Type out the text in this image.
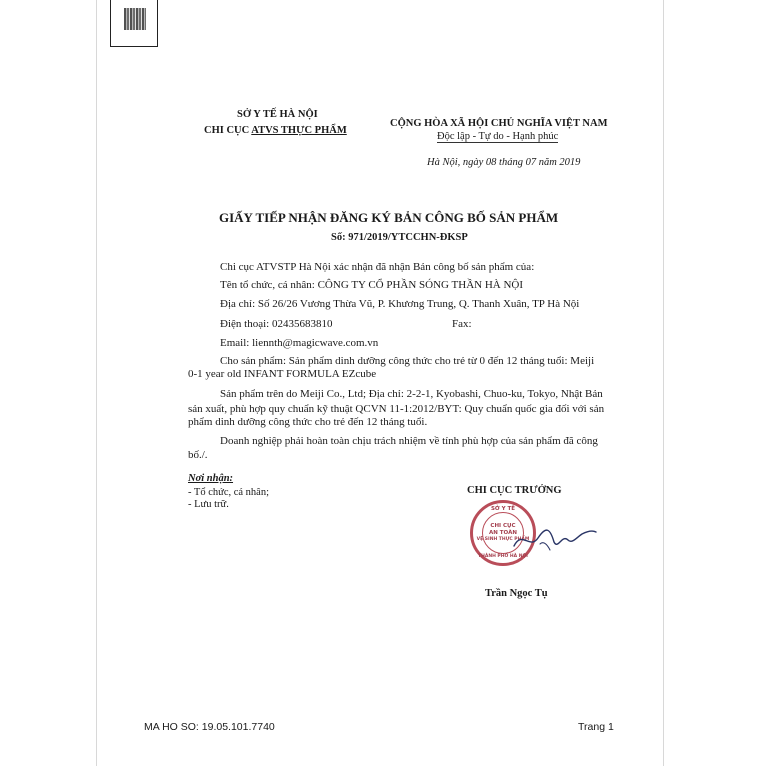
SỞ Y TẾ HÀ NỘI
CHI CỤC ATVS THỰC PHẨM
CỘNG HÒA XÃ HỘI CHỦ NGHĨA VIỆT NAM
Độc lập - Tự do - Hạnh phúc
Hà Nội, ngày 08 tháng 07 năm 2019
GIẤY TIẾP NHẬN ĐĂNG KÝ BẢN CÔNG BỐ SẢN PHẨM
Số: 971/2019/YTCCHN-ĐKSP
Chi cục ATVSTP Hà Nội xác nhận đã nhận Bản công bố sản phẩm của:
Tên tổ chức, cá nhân: CÔNG TY CỔ PHẦN SÓNG THẦN HÀ NỘI
Địa chỉ: Số 26/26 Vương Thừa Vũ, P. Khương Trung, Q. Thanh Xuân, TP Hà Nội
Điện thoại: 02435683810	Fax:
Email: liennth@magicwave.com.vn
Cho sản phẩm: Sản phẩm dinh dưỡng công thức cho trẻ từ 0 đến 12 tháng tuổi: Meiji
0-1 year old INFANT FORMULA EZcube
Sản phẩm trên do Meiji Co., Ltd; Địa chỉ: 2-2-1, Kyobashi, Chuo-ku, Tokyo, Nhật Bản
sản xuất, phù hợp quy chuẩn kỹ thuật QCVN 11-1:2012/BYT: Quy chuẩn quốc gia đối với sản
phẩm dinh dưỡng công thức cho trẻ đến 12 tháng tuổi.
Doanh nghiệp phải hoàn toàn chịu trách nhiệm về tính phù hợp của sản phẩm đã công
bố./.
Nơi nhận:
- Tổ chức, cá nhân;
- Lưu trữ.
CHI CỤC TRƯỞNG
SỞ Y TẾ
CHI CỤC
AN TOÀN
VỆ SINH THỰC PHẨM
THÀNH PHỐ HÀ NỘI
Trần Ngọc Tụ
MA HO SO: 19.05.101.7740	Trang 1
